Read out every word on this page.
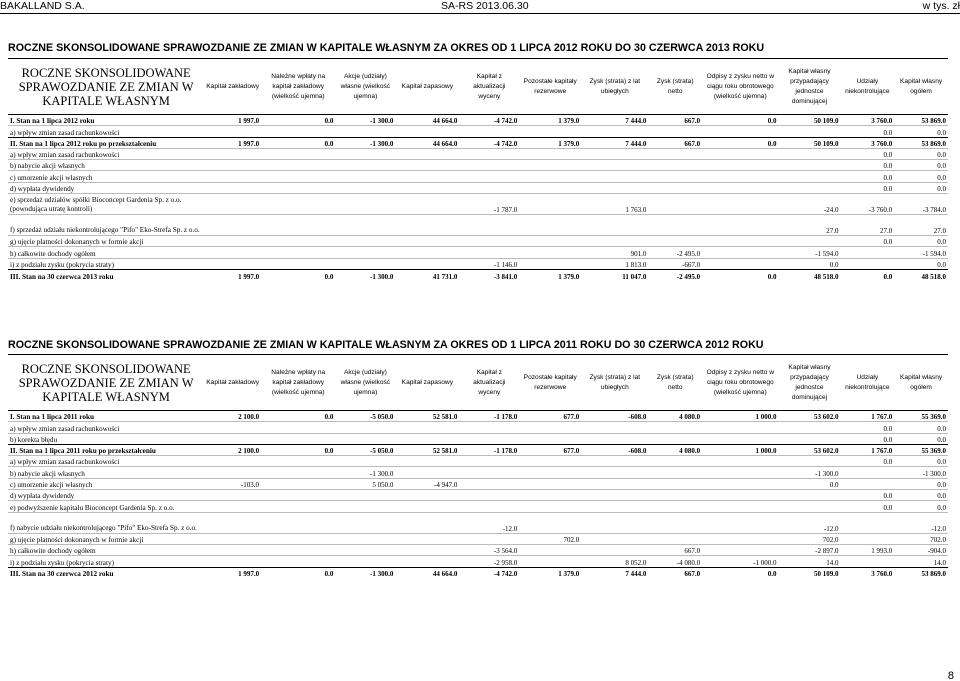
BAKALLAND S.A.	SA-RS 2013.06.30	w tys. zł
ROCZNE SKONSOLIDOWANE SPRAWOZDANIE ZE ZMIAN W KAPITALE WŁASNYM ZA OKRES OD 1 LIPCA 2012 ROKU DO 30 CZERWCA 2013 ROKU
ROCZNE SKONSOLIDOWANE SPRAWOZDANIE ZE ZMIAN W KAPITALE WŁASNYM	Kapitał zakładowy	Należne wpłaty na kapitał zakładowy (wielkość ujemna)	Akcje (udziały) własne (wielkość ujemna)	Kapitał zapasowy	Kapitał z aktualizacji wyceny	Pozostałe kapitały rezerwowe	Zysk (strata) z lat ubiegłych	Zysk (strata) netto	Odpisy z zysku netto w ciągu roku obrotowego (wielkość ujemna)	Kapitał własny przypadający jednostce dominującej	Udziały niekontrolujące	Kapitał własny ogółem
I. Stan na 1 lipca 2012 roku	1 997.0	0.0	-1 300.0	44 664.0	-4 742.0	1 379.0	7 444.0	667.0	0.0	50 109.0	3 760.0	53 869.0
a) wpływ zmian zasad rachunkowości											0.0	0.0
II. Stan na 1 lipca 2012 roku po przekształceniu	1 997.0	0.0	-1 300.0	44 664.0	-4 742.0	1 379.0	7 444.0	667.0	0.0	50 109.0	3 760.0	53 869.0
a) wpływ zmian zasad rachunkowości											0.0	0.0
b) nabycie akcji własnych											0.0	0.0
c) umorzenie akcji własnych											0.0	0.0
d) wypłata dywidendy											0.0	0.0
e) sprzedaż udziałów spółki Bioconcept Gardenia Sp. z o.o. (powodująca utratę kontroli)					-1 787.0		1 763.0			-24.0	-3 760.0	-3 784.0
f) sprzedaż udziału niekontrolującego "Pifo" Eko-Strefa Sp. z o.o.										27.0	27.0	27.0
g) ujęcie płatności dokonanych w formie akcji											0.0	0.0
h) całkowite dochody ogółem							901.0	-2 495.0		-1 594.0		-1 594.0
i) z podziału zysku (pokrycia straty)					-1 146.0		1 813.0	-667.0		0.0		0.0
III. Stan na 30 czerwca 2013 roku	1 997.0	0.0	-1 300.0	41 731.0	-3 841.0	1 379.0	11 047.0	-2 495.0	0.0	48 518.0	0.0	48 518.0
ROCZNE SKONSOLIDOWANE SPRAWOZDANIE ZE ZMIAN W KAPITALE WŁASNYM ZA OKRES OD 1 LIPCA 2011 ROKU DO 30 CZERWCA 2012 ROKU
ROCZNE SKONSOLIDOWANE SPRAWOZDANIE ZE ZMIAN W KAPITALE WŁASNYM	Kapitał zakładowy	Należne wpłaty na kapitał zakładowy (wielkość ujemna)	Akcje (udziały) własne (wielkość ujemna)	Kapitał zapasowy	Kapitał z aktualizacji wyceny	Pozostałe kapitały rezerwowe	Zysk (strata) z lat ubiegłych	Zysk (strata) netto	Odpisy z zysku netto w ciągu roku obrotowego (wielkość ujemna)	Kapitał własny przypadający jednostce dominującej	Udziały niekontrolujące	Kapitał własny ogółem
I. Stan na 1 lipca 2011 roku	2 100.0	0.0	-5 050.0	52 581.0	-1 178.0	677.0	-608.0	4 080.0	1 000.0	53 602.0	1 767.0	55 369.0
a) wpływ zmian zasad rachunkowości											0.0	0.0
b) korekta błędu											0.0	0.0
II. Stan na 1 lipca 2011 roku po przekształceniu	2 100.0	0.0	-5 050.0	52 581.0	-1 178.0	677.0	-608.0	4 080.0	1 000.0	53 602.0	1 767.0	55 369.0
a) wpływ zmian zasad rachunkowości											0.0	0.0
b) nabycie akcji własnych			-1 300.0							-1 300.0		-1 300.0
c) umorzenie akcji własnych	-103.0		5 050.0	-4 947.0						0.0		0.0
d) wypłata dywidendy											0.0	0.0
e) podwyższenie kapitału Bioconcept Gardenia Sp. z o.o.											0.0	0.0
f) nabycie udziału niekontrolującego "Pifo" Eko-Strefa Sp. z o.o.					-12.0					-12.0		-12.0
g) ujęcie płatności dokonanych w formie akcji						702.0				702.0		702.0
h) całkowite dochody ogółem					-3 564.0			667.0		-2 897.0	1 993.0	-904.0
i) z podziału zysku (pokrycia straty)					-2 958.0		8 052.0	-4 080.0	-1 000.0	14.0		14.0
III. Stan na 30 czerwca 2012 roku	1 997.0	0.0	-1 300.0	44 664.0	-4 742.0	1 379.0	7 444.0	667.0	0.0	50 109.0	3 760.0	53 869.0
8
